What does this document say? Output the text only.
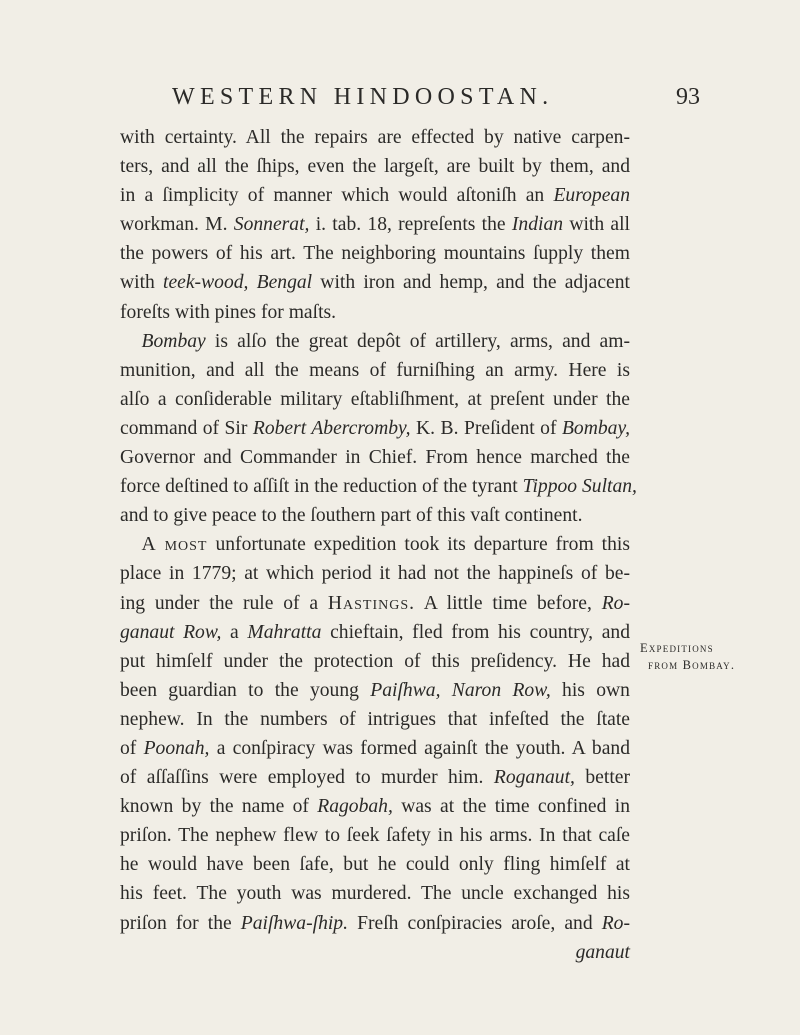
WESTERN HINDOOSTAN.	93
with certainty. All the repairs are effected by native carpen-
ters, and all the ſhips, even the largeſt, are built by them, and
in a ſimplicity of manner which would aſtoniſh an European
workman. M. Sonnerat, i. tab. 18, repreſents the Indian with all
the powers of his art. The neighboring mountains ſupply them
with teek-wood, Bengal with iron and hemp, and the adjacent
foreſts with pines for maſts.
Bombay is alſo the great depôt of artillery, arms, and am-
munition, and all the means of furniſhing an army. Here is
alſo a conſiderable military eſtabliſhment, at preſent under the
command of Sir Robert Abercromby, K. B. Preſident of Bombay,
Governor and Commander in Chief. From hence marched the
force deſtined to aſſiſt in the reduction of the tyrant Tippoo Sultan,
and to give peace to the ſouthern part of this vaſt continent.
A most unfortunate expedition took its departure from this
place in 1779; at which period it had not the happineſs of be-
ing under the rule of a Hastings. A little time before, Ro-
ganaut Row, a Mahratta chieftain, fled from his country, and
put himſelf under the protection of this preſidency. He had
been guardian to the young Paiſhwa, Naron Row, his own
nephew. In the numbers of intrigues that infeſted the ſtate
of Poonah, a conſpiracy was formed againſt the youth. A band
of aſſaſſins were employed to murder him. Roganaut, better
known by the name of Ragobah, was at the time confined in
priſon. The nephew flew to ſeek ſafety in his arms. In that caſe
he would have been ſafe, but he could only fling himſelf at
his feet. The youth was murdered. The uncle exchanged his
priſon for the Paiſhwa-ſhip. Freſh conſpiracies aroſe, and Ro-
ganaut
Expeditions
from Bombay.
